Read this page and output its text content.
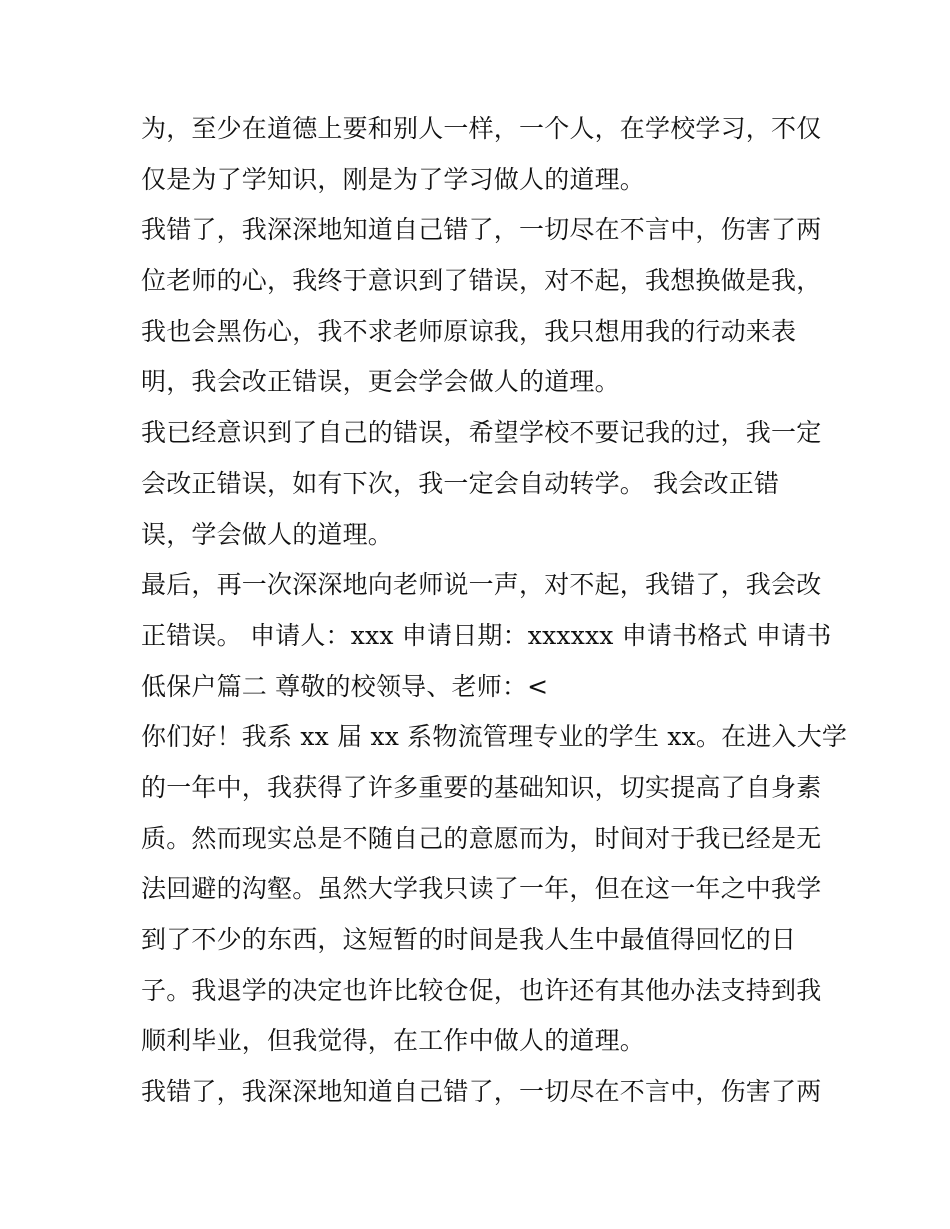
为，至少在道德上要和别人一样，一个人，在学校学习，不仅
仅是为了学知识，刚是为了学习做人的道理。
我错了，我深深地知道自己错了，一切尽在不言中，伤害了两
位老师的心，我终于意识到了错误，对不起，我想换做是我，
我也会黑伤心，我不求老师原谅我，我只想用我的行动来表
明，我会改正错误，更会学会做人的道理。
我已经意识到了自己的错误，希望学校不要记我的过，我一定
会改正错误，如有下次，我一定会自动转学。 我会改正错
误，学会做人的道理。
最后，再一次深深地向老师说一声，对不起，我错了，我会改
正错误。 申请人：xxx 申请日期：xxxxxx 申请书格式 申请书
低保户篇二 尊敬的校领导、老师：<
你们好！我系 xx 届 xx 系物流管理专业的学生 xx。在进入大学
的一年中，我获得了许多重要的基础知识，切实提高了自身素
质。然而现实总是不随自己的意愿而为，时间对于我已经是无
法回避的沟壑。虽然大学我只读了一年，但在这一年之中我学
到了不少的东西，这短暂的时间是我人生中最值得回忆的日
子。我退学的决定也许比较仓促，也许还有其他办法支持到我
顺利毕业，但我觉得，在工作中做人的道理。
我错了，我深深地知道自己错了，一切尽在不言中，伤害了两
